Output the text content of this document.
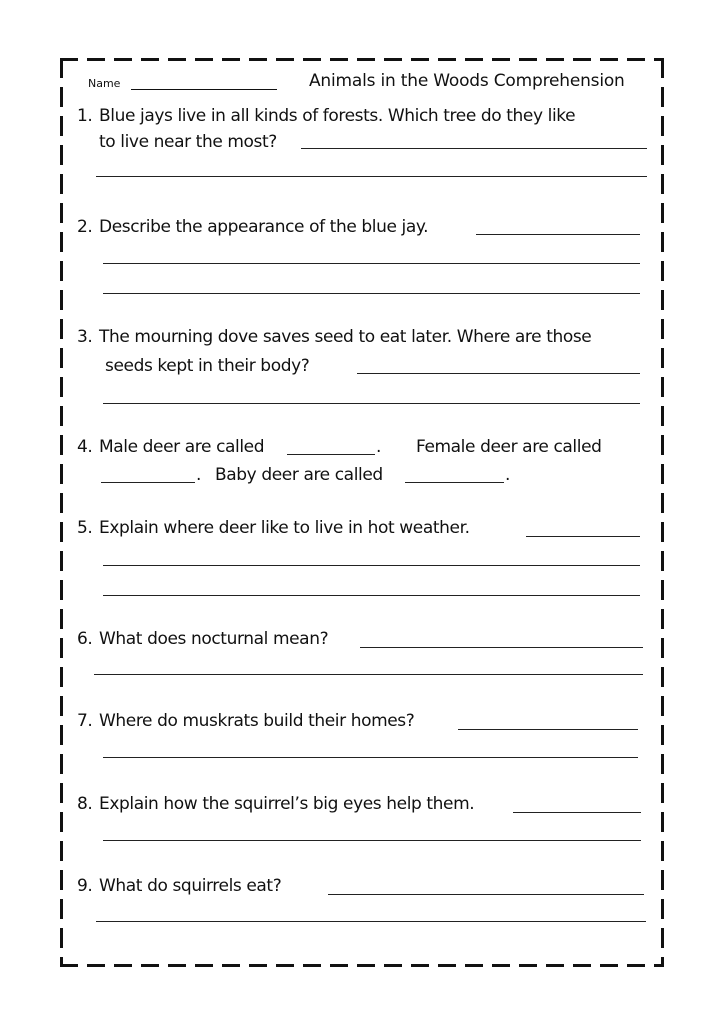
Name	Animals in the Woods Comprehension
1. Blue jays live in all kinds of forests. Which tree do they like
to live near the most?
2. Describe the appearance of the blue jay.
3. The mourning dove saves seed to eat later. Where are those
seeds kept in their body?
4. Male deer are called	. Female deer are called
. Baby deer are called	.
5. Explain where deer like to live in hot weather.
6. What does nocturnal mean?
7. Where do muskrats build their homes?
8. Explain how the squirrel’s big eyes help them.
9. What do squirrels eat?
